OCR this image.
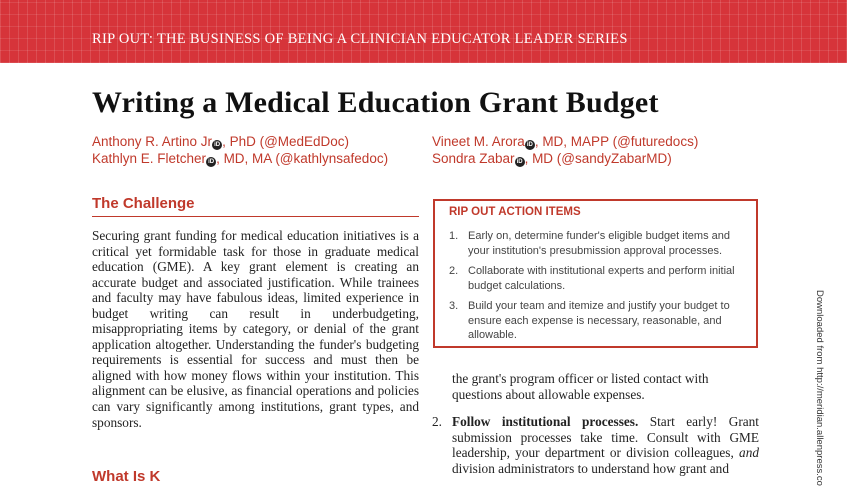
RIP OUT: THE BUSINESS OF BEING A CLINICIAN EDUCATOR LEADER SERIES
Writing a Medical Education Grant Budget
Anthony R. Artino Jr iD , PhD (@MedEdDoc)	Vineet M. Arora iD , MD, MAPP (@futuredocs)
Kathlyn E. Fletcher iD , MD, MA (@kathlynsafedoc)	Sondra Zabar iD , MD (@sandyZabarMD)
The Challenge

Securing grant funding for medical education initiatives is a critical yet formidable task for those in graduate medical education (GME). A key grant element is creating an accurate budget and associated justification. While trainees and faculty may have fabulous ideas, limited experience in budget writing can result in underbudgeting, misappropriating items by category, or denial of the grant application altogether. Understanding the funder's budgeting requirements is essential for success and must then be aligned with how money flows within your institution. This alignment can be elusive, as financial operations and policies can vary significantly among institutions, grant types, and sponsors.

What Is K
RIP OUT ACTION ITEMS
1. Early on, determine funder's eligible budget items and your institution's presubmission approval processes.
2. Collaborate with institutional experts and perform initial budget calculations.
3. Build your team and itemize and justify your budget to ensure each expense is necessary, reasonable, and allowable.

the grant's program officer or listed contact with questions about allowable expenses.

2. Follow institutional processes. Start early! Grant submission processes take time. Consult with GME leadership, your department or division colleagues, and division administrators to understand how grant and	Downloaded from http://meridian.allenpress.co
